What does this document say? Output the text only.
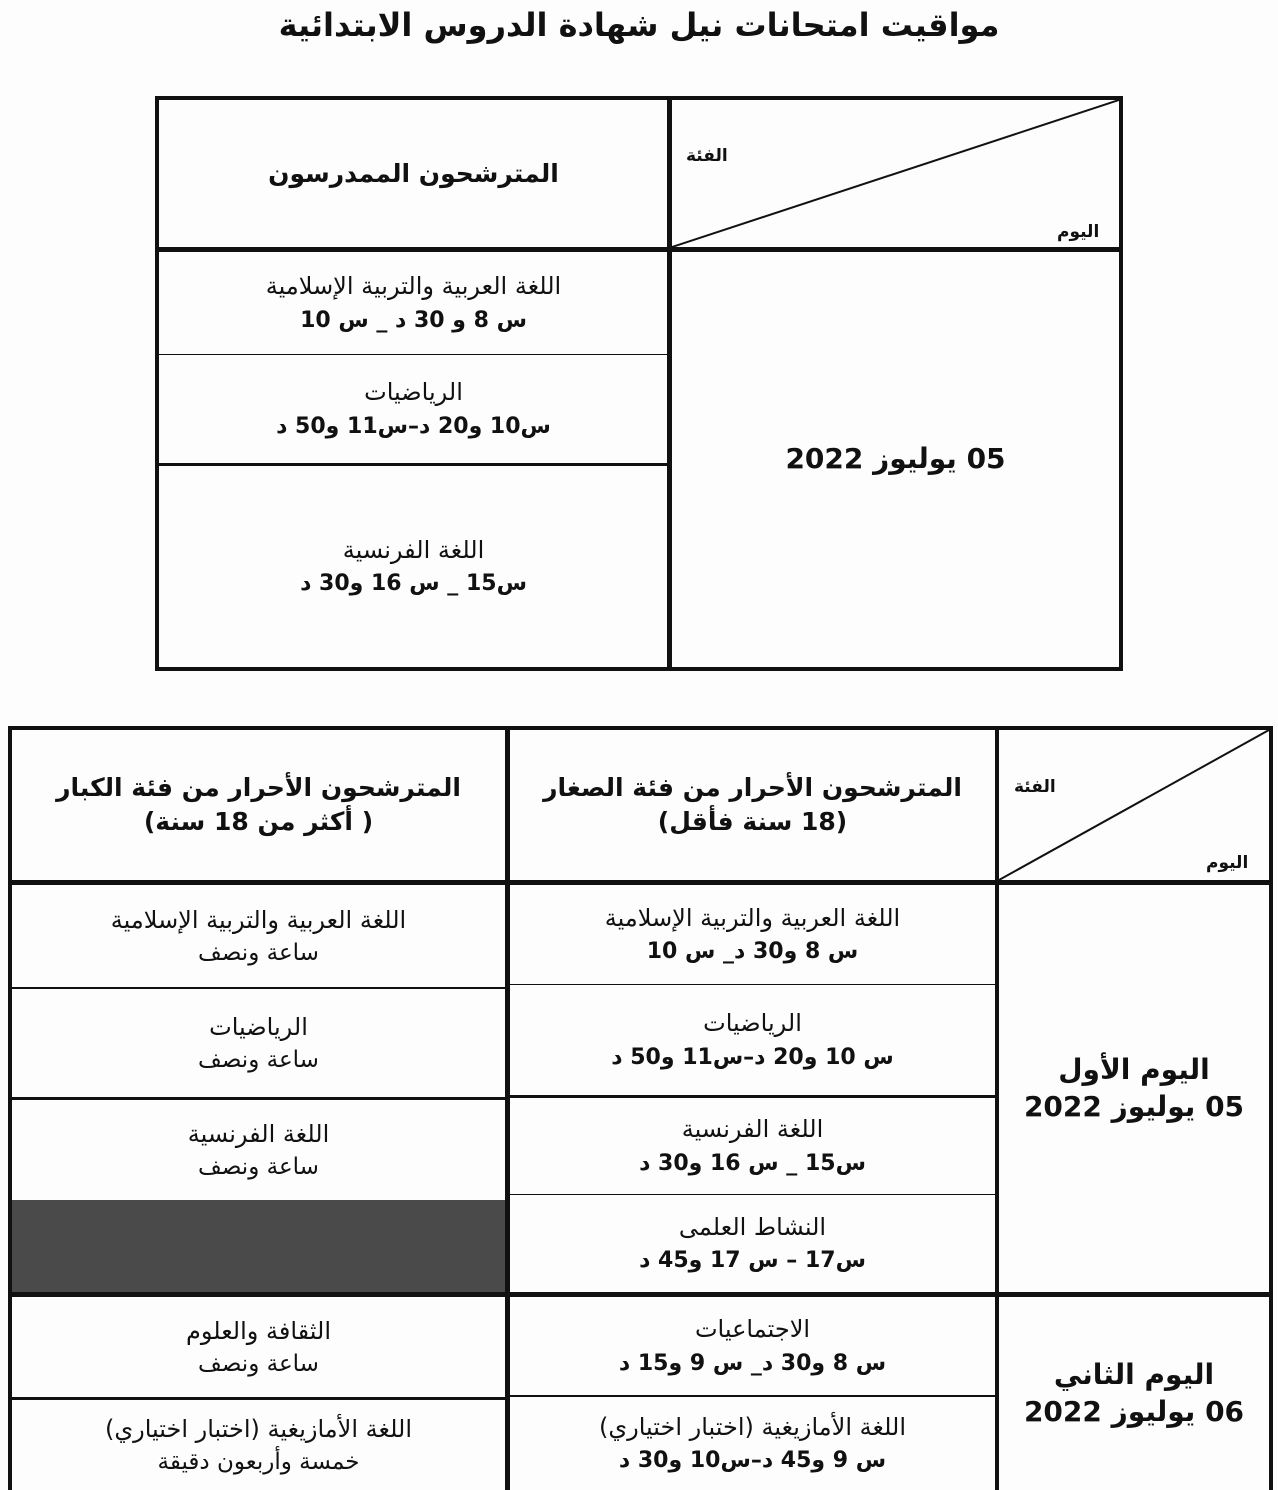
مواقيت امتحانات نيل شهادة الدروس الابتدائية
الفئة
اليوم
المترشحون الممدرسون
05 يوليوز 2022
اللغة العربية والتربية الإسلامية
س 8 و 30 د _ س 10
الرياضيات
س10 و20 د–س11 و50 د
اللغة الفرنسية
س15 _ س 16 و30 د
الفئة
اليوم
المترشحون الأحرار من فئة الصغار
(18 سنة فأقل)
المترشحون الأحرار من فئة الكبار
( أكثر من 18 سنة)
اليوم الأول
05 يوليوز 2022
اليوم الثاني
06 يوليوز 2022
اللغة العربية والتربية الإسلامية
س 8 و30 د_ س 10
الرياضيات
س 10 و20 د–س11 و50 د
اللغة الفرنسية
س15 _ س 16 و30 د
النشاط العلمى
س17 – س 17 و45 د
الاجتماعيات
س 8 و30 د_ س 9 و15 د
اللغة الأمازيغية (اختبار اختياري)
س 9 و45 د–س10 و30 د
اللغة العربية والتربية الإسلامية
ساعة ونصف
الرياضيات
ساعة ونصف
اللغة الفرنسية
ساعة ونصف
الثقافة والعلوم
ساعة ونصف
اللغة الأمازيغية (اختبار اختياري)
خمسة وأربعون دقيقة
